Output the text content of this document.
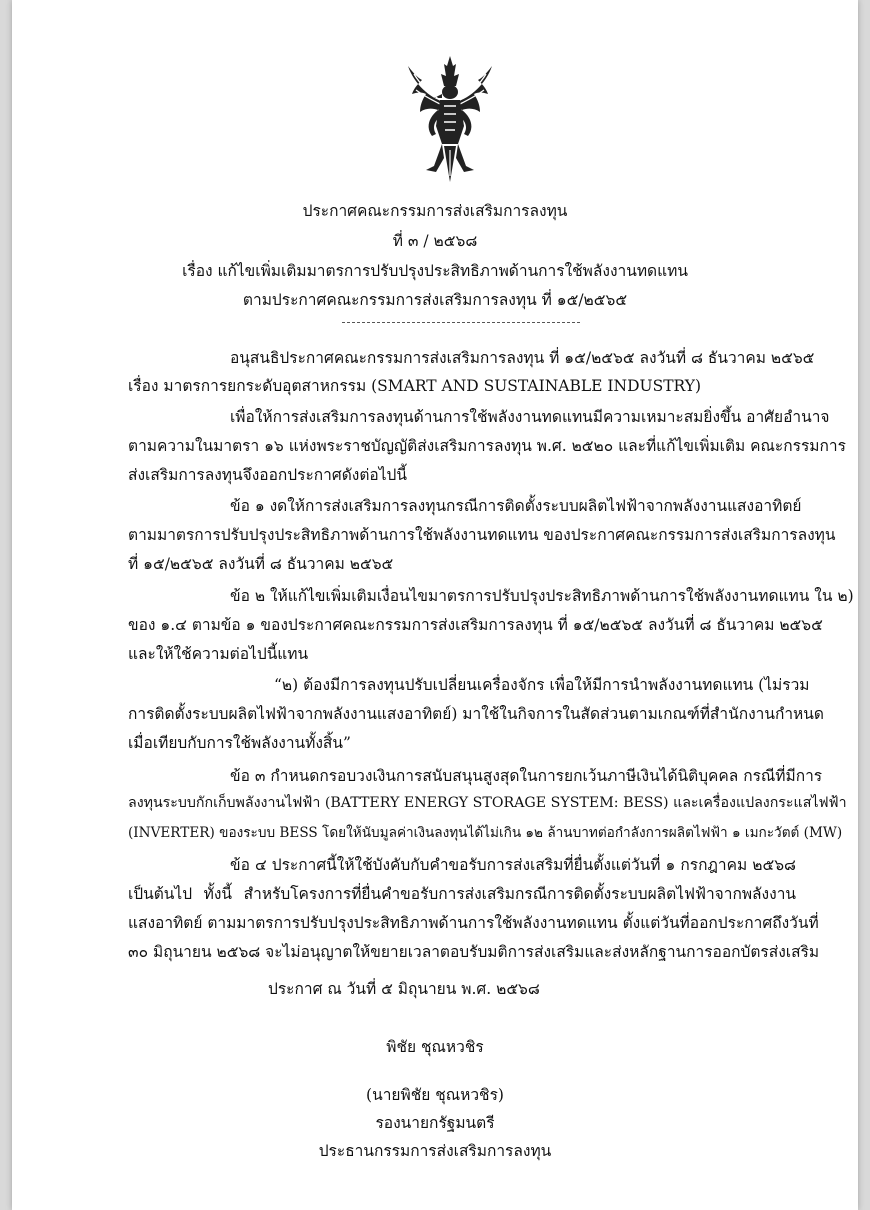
ประกาศคณะกรรมการส่งเสริมการลงทุน
ที่ ๓ / ๒๕๖๘
เรื่อง แก้ไขเพิ่มเติมมาตรการปรับปรุงประสิทธิภาพด้านการใช้พลังงานทดแทน
ตามประกาศคณะกรรมการส่งเสริมการลงทุน ที่ ๑๕/๒๕๖๕
อนุสนธิประกาศคณะกรรมการส่งเสริมการลงทุน ที่ ๑๕/๒๕๖๕ ลงวันที่ ๘ ธันวาคม ๒๕๖๕
เรื่อง มาตรการยกระดับอุตสาหกรรม (SMART AND SUSTAINABLE INDUSTRY)
เพื่อให้การส่งเสริมการลงทุนด้านการใช้พลังงานทดแทนมีความเหมาะสมยิ่งขึ้น อาศัยอำนาจ
ตามความในมาตรา ๑๖ แห่งพระราชบัญญัติส่งเสริมการลงทุน พ.ศ. ๒๕๒๐ และที่แก้ไขเพิ่มเติม คณะกรรมการ
ส่งเสริมการลงทุนจึงออกประกาศดังต่อไปนี้
ข้อ ๑ งดให้การส่งเสริมการลงทุนกรณีการติดตั้งระบบผลิตไฟฟ้าจากพลังงานแสงอาทิตย์
ตามมาตรการปรับปรุงประสิทธิภาพด้านการใช้พลังงานทดแทน ของประกาศคณะกรรมการส่งเสริมการลงทุน
ที่ ๑๕/๒๕๖๕ ลงวันที่ ๘ ธันวาคม ๒๕๖๕
ข้อ ๒ ให้แก้ไขเพิ่มเติมเงื่อนไขมาตรการปรับปรุงประสิทธิภาพด้านการใช้พลังงานทดแทน ใน ๒)
ของ ๑.๔ ตามข้อ ๑ ของประกาศคณะกรรมการส่งเสริมการลงทุน ที่ ๑๕/๒๕๖๕ ลงวันที่ ๘ ธันวาคม ๒๕๖๕
และให้ใช้ความต่อไปนี้แทน
“๒) ต้องมีการลงทุนปรับเปลี่ยนเครื่องจักร เพื่อให้มีการนำพลังงานทดแทน (ไม่รวม
การติดตั้งระบบผลิตไฟฟ้าจากพลังงานแสงอาทิตย์) มาใช้ในกิจการในสัดส่วนตามเกณฑ์ที่สำนักงานกำหนด
เมื่อเทียบกับการใช้พลังงานทั้งสิ้น”
ข้อ ๓ กำหนดกรอบวงเงินการสนับสนุนสูงสุดในการยกเว้นภาษีเงินได้นิติบุคคล กรณีที่มีการ
ลงทุนระบบกักเก็บพลังงานไฟฟ้า (BATTERY ENERGY STORAGE SYSTEM: BESS) และเครื่องแปลงกระแสไฟฟ้า
(INVERTER) ของระบบ BESS โดยให้นับมูลค่าเงินลงทุนได้ไม่เกิน ๑๒ ล้านบาทต่อกำลังการผลิตไฟฟ้า ๑ เมกะวัตต์ (MW)
ข้อ ๔ ประกาศนี้ให้ใช้บังคับกับคำขอรับการส่งเสริมที่ยื่นตั้งแต่วันที่ ๑ กรกฎาคม ๒๕๖๘
เป็นต้นไป ทั้งนี้ สำหรับโครงการที่ยื่นคำขอรับการส่งเสริมกรณีการติดตั้งระบบผลิตไฟฟ้าจากพลังงาน
แสงอาทิตย์ ตามมาตรการปรับปรุงประสิทธิภาพด้านการใช้พลังงานทดแทน ตั้งแต่วันที่ออกประกาศถึงวันที่
๓๐ มิถุนายน ๒๕๖๘ จะไม่อนุญาตให้ขยายเวลาตอบรับมติการส่งเสริมและส่งหลักฐานการออกบัตรส่งเสริม
ประกาศ ณ วันที่ ๕ มิถุนายน พ.ศ. ๒๕๖๘
พิชัย ชุณหวชิร
(นายพิชัย ชุณหวชิร)
รองนายกรัฐมนตรี
ประธานกรรมการส่งเสริมการลงทุน
